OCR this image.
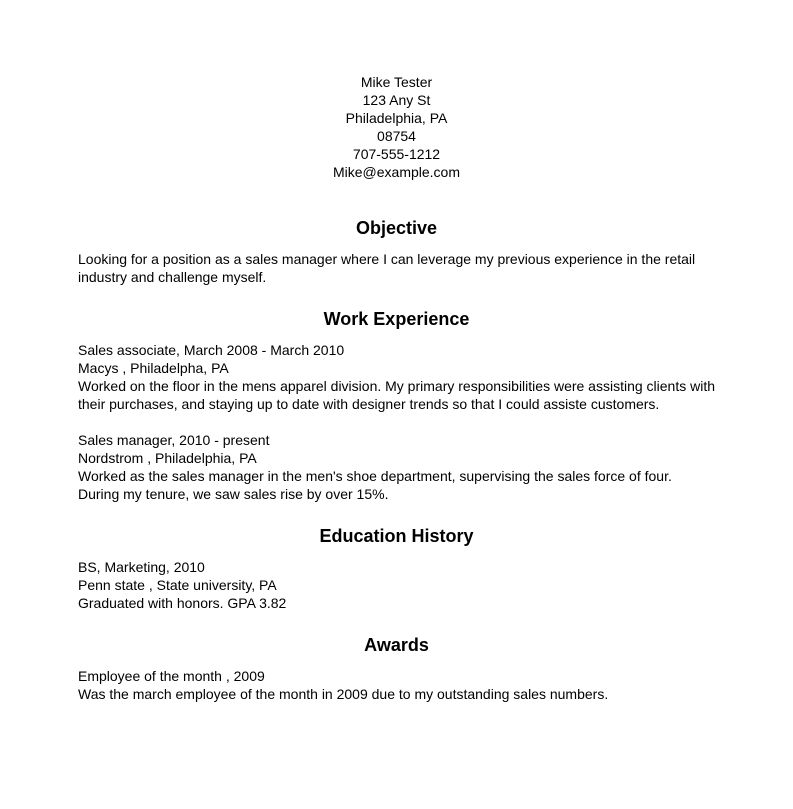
Mike Tester
123 Any St
Philadelphia, PA
08754
707-555-1212
Mike@example.com
Objective

Looking for a position as a sales manager where I can leverage my previous experience in the retail industry and challenge myself.

Work Experience
Sales associate, March 2008 - March 2010
Macys , Philadelpha, PA

Worked on the floor in the mens apparel division. My primary responsibilities were assisting clients with their purchases, and staying up to date with designer trends so that I could assiste customers.

Sales manager, 2010 - present
Nordstrom , Philadelphia, PA

Worked as the sales manager in the men's shoe department, supervising the sales force of four. During my tenure, we saw sales rise by over 15%.

Education History
BS, Marketing, 2010
Penn state , State university, PA
Graduated with honors. GPA 3.82
Awards
Employee of the month , 2009

Was the march employee of the month in 2009 due to my outstanding sales numbers.
